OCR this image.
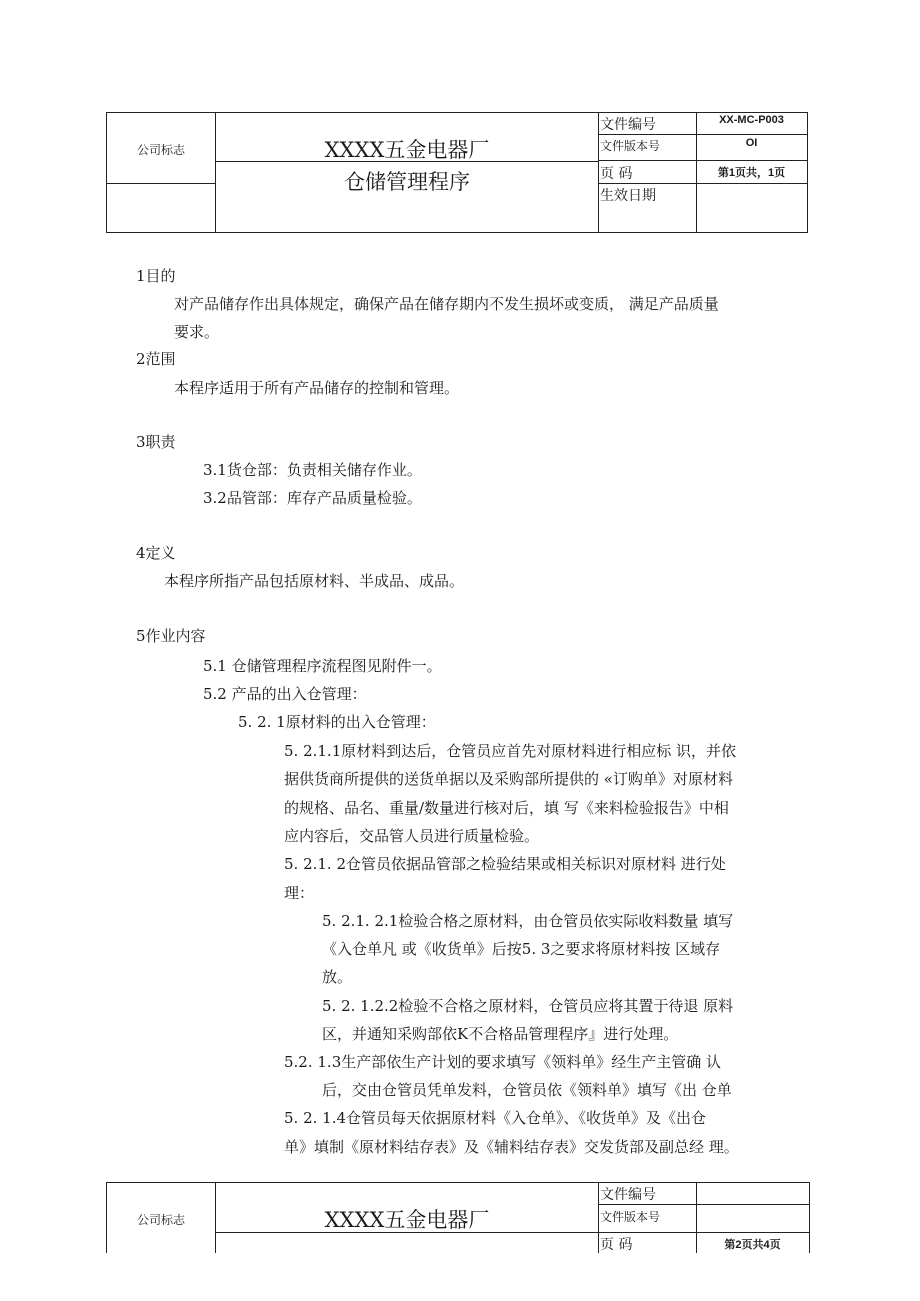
公司标志	XXXX五金电器厂
仓储管理程序
文件编号	XX-MC-P003
文件版本号	OI
页 码	第1页共，1页
生效日期
1目的
对产品储存作出具体规定，确保产品在储存期内不发生损坏或变质， 满足产品质量
要求。
2范围
本程序适用于所有产品储存的控制和管理。
3职责
3.1货仓部：负责相关储存作业。
3.2品管部：库存产品质量检验。
4定义
本程序所指产品包括原材料、半成品、成品。
5作业内容
5.1 仓储管理程序流程图见附件一。
5.2 产品的出入仓管理：
5. 2. 1原材料的出入仓管理：
5. 2.1.1原材料到达后，仓管员应首先对原材料进行相应标 识，并依
据供货商所提供的送货单据以及采购部所提供的 «订购单》对原材料
的规格、品名、重量/数量进行核对后，填 写《来料检验报告》中相
应内容后，交品管人员进行质量检验。
5. 2.1. 2仓管员依据品管部之检验结果或相关标识对原材料 进行处
理：
5. 2.1. 2.1检验合格之原材料，由仓管员依实际收料数量 填写
《入仓单凡 或《收货单》后按5. 3之要求将原材料按 区域存
放。
5. 2. 1.2.2检验不合格之原材料，仓管员应将其置于待退 原料
区，并通知采购部依K不合格品管理程序』进行处理。
5.2. 1.3生产部依生产计划的要求填写《领料单》经生产主管确 认
后，交由仓管员凭单发料，仓管员依《领料单》填写《出 仓单
5. 2. 1.4仓管员每天依据原材料《入仓单》、《收货单》及《出仓
单》填制《原材料结存表》及《辅料结存表》交发货部及副总经 理。
公司标志	XXXX五金电器厂
文件编号
文件版本号
页 码	第2页共4页
